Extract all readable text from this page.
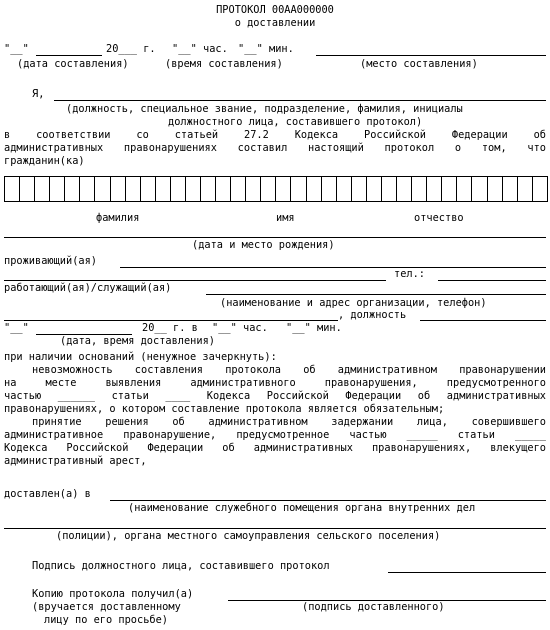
ПРОТОКОЛ 00АА000000
о доставлении
"__"	20___ г. "__" час. "__" мин.
(дата составления)	(время составления)	(место составления)
Я,
(должность, специальное звание, подразделение, фамилия, инициалы
должностного лица, составившего протокол)
в соответствии со статьей 27.2 Кодекса Российской Федерации об
административных правонарушениях составил настоящий протокол о том, что
гражданин(ка)
фамилия	имя	отчество
(дата и место рождения)
проживающий(ая)
тел.:
работающий(ая)/служащий(ая)
(наименование и адрес организации, телефон)
, должность
"__"	20__ г. в "__" час. "__" мин.
(дата, время доставления)
при наличии оснований (ненужное зачеркнуть):
невозможность составления протокола об административном правонарушении
на месте выявления административного правонарушения, предусмотренного
частью ______ статьи ____ Кодекса Российской Федерации об административных
правонарушениях, о котором составление протокола является обязательным;
принятие решения об административном задержании лица, совершившего
административное правонарушение, предусмотренное частью _____ статьи _____
Кодекса Российской Федерации об административных правонарушениях, влекущего
административный арест,
доставлен(а) в
(наименование служебного помещения органа внутренних дел
(полиции), органа местного самоуправления сельского поселения)
Подпись должностного лица, составившего протокол
Копию протокола получил(а)
(вручается доставленному	(подпись доставленного)
лицу по его просьбе)
